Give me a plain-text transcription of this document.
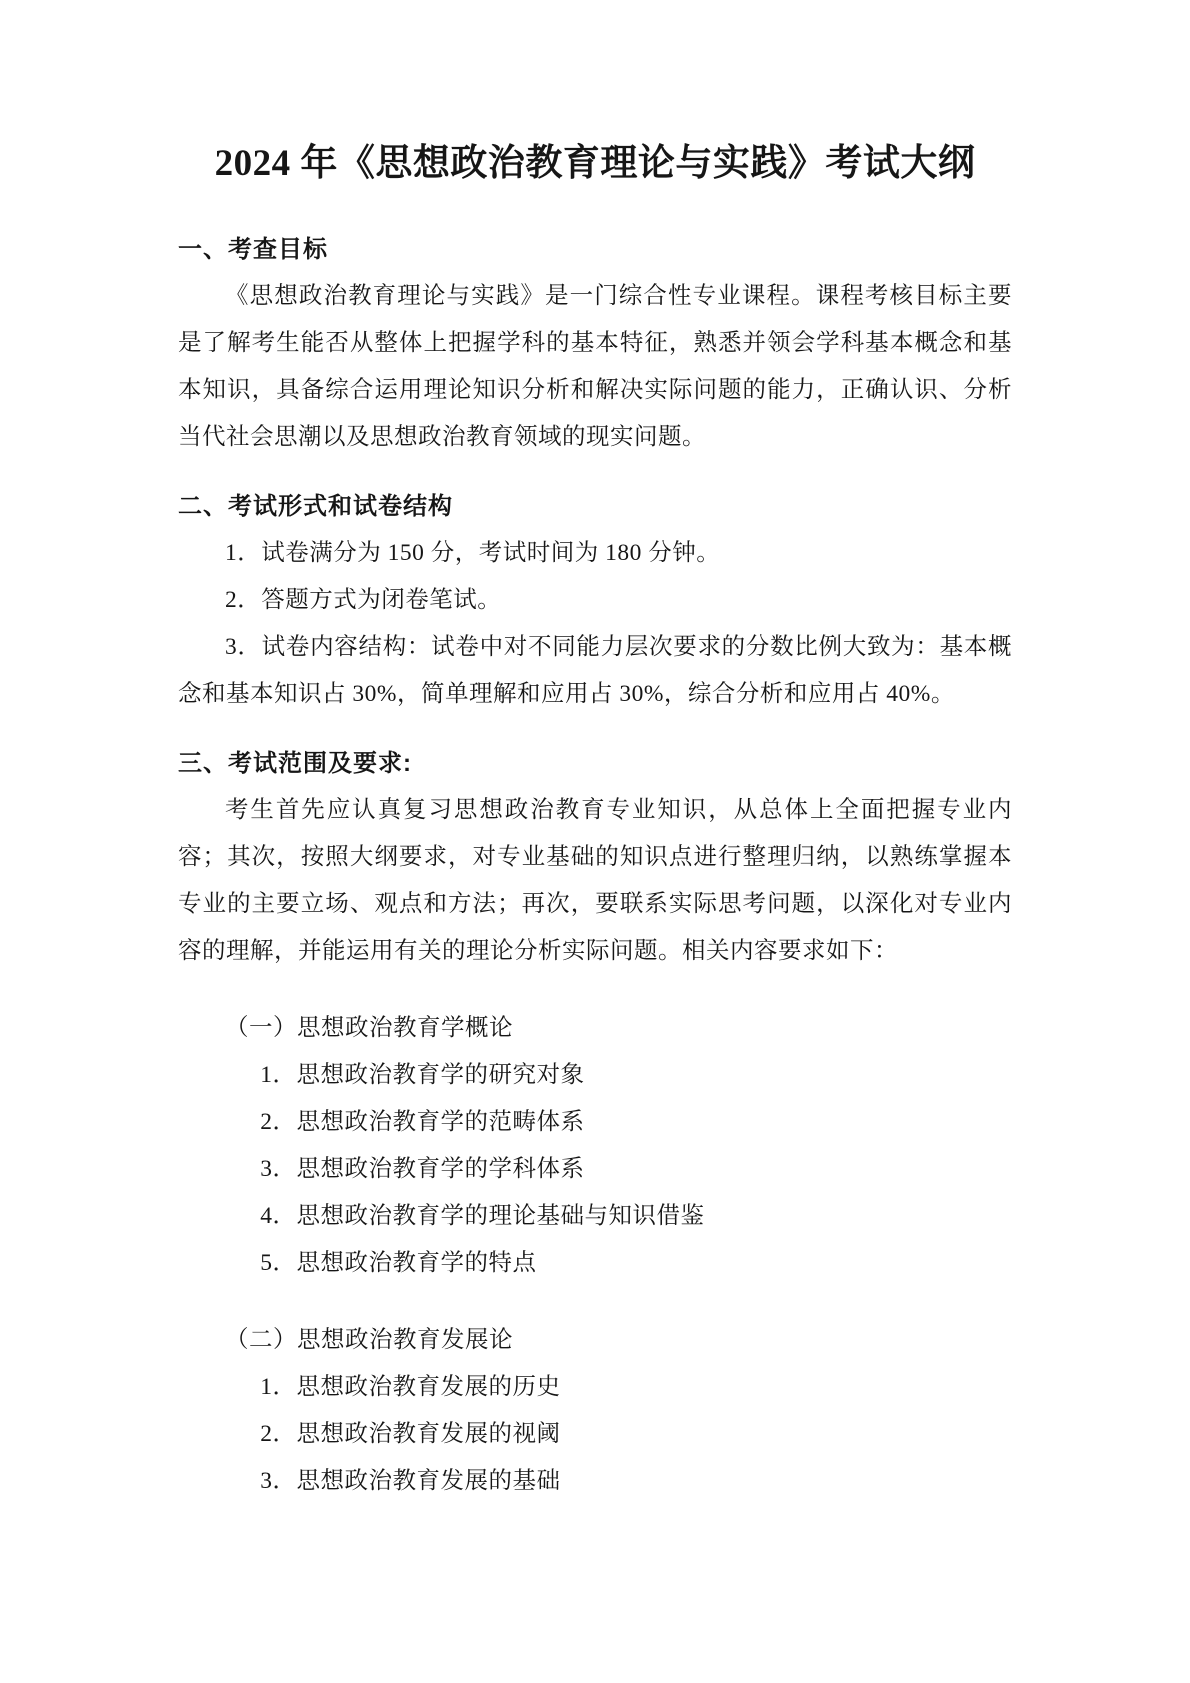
2024 年《思想政治教育理论与实践》考试大纲
一、考查目标

《思想政治教育理论与实践》是一门综合性专业课程。课程考核目标主要是了解考生能否从整体上把握学科的基本特征，熟悉并领会学科基本概念和基本知识，具备综合运用理论知识分析和解决实际问题的能力，正确认识、分析当代社会思潮以及思想政治教育领域的现实问题。

二、考试形式和试卷结构

1．试卷满分为 150 分，考试时间为 180 分钟。

2．答题方式为闭卷笔试。

3．试卷内容结构：试卷中对不同能力层次要求的分数比例大致为：基本概念和基本知识占 30%，简单理解和应用占 30%，综合分析和应用占 40%。

三、考试范围及要求:

考生首先应认真复习思想政治教育专业知识，从总体上全面把握专业内容；其次，按照大纲要求，对专业基础的知识点进行整理归纳，以熟练掌握本专业的主要立场、观点和方法；再次，要联系实际思考问题，以深化对专业内容的理解，并能运用有关的理论分析实际问题。相关内容要求如下：

（一）思想政治教育学概论

1．思想政治教育学的研究对象

2．思想政治教育学的范畴体系

3．思想政治教育学的学科体系

4．思想政治教育学的理论基础与知识借鉴

5．思想政治教育学的特点

（二）思想政治教育发展论

1．思想政治教育发展的历史

2．思想政治教育发展的视阈

3．思想政治教育发展的基础
